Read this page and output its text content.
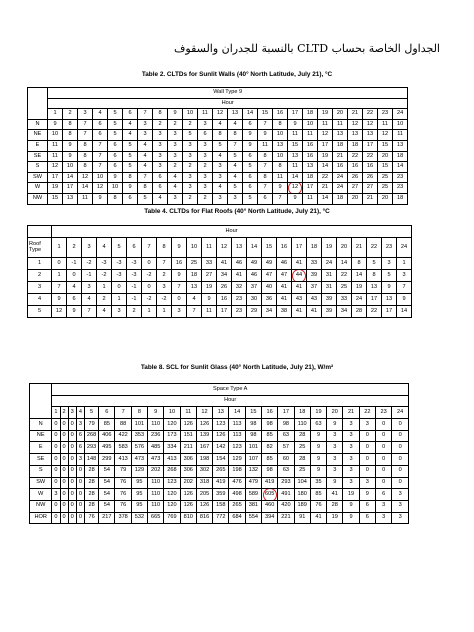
الجداول الخاصة بحساب CLTD بالنسبة للجدران والسقوف
Table 2. CLTDs for Sunlit Walls (40° North Latitude, July 21), °C
	Wall Type 9																							
	Hour																							
	1	2	3	4	5	6	7	8	9	10	11	12	13	14	15	16	17	18	19	20	21	22	23	24
N	9	8	7	6	5	4	3	2	2	2	3	4	4	6	7	8	9	10	11	11	12	12	11	10
NE	10	8	7	6	5	4	3	3	3	5	6	8	8	9	9	10	11	11	12	13	13	13	12	11
E	11	9	8	7	6	5	4	3	3	3	3	5	7	9	11	13	15	16	17	18	18	17	15	13
SE	11	9	8	7	6	5	4	3	3	3	3	4	5	6	8	10	13	16	19	21	22	22	20	18
S	12	10	8	7	6	5	4	3	2	2	2	3	4	5	7	8	11	13	14	16	16	16	15	14
SW	17	14	12	10	9	8	7	6	4	3	3	3	4	6	8	11	14	18	22	24	26	26	25	23
W	19	17	14	12	10	9	8	6	4	3	3	4	5	6	7	9	12	17	21	24	27	27	25	23
NW	15	13	11	9	8	6	5	4	3	2	2	3	3	5	6	7	9	11	14	18	20	21	20	18
Table 4. CLTDs for Flat Roofs (40° North Latitude, July 21), °C
	Hour																							
Roof Type	1	2	3	4	5	6	7	8	9	10	11	12	13	14	15	16	17	18	19	20	21	22	23	24
1	0	-1	-2	-3	-3	-3	0	7	16	25	33	41	46	49	49	46	41	33	24	14	8	5	3	1
2	1	0	-1	-2	-3	-3	-2	2	9	18	27	34	41	46	47	47	44	39	31	22	14	8	5	3
3	7	4	3	1	0	-1	0	3	7	13	19	26	32	37	40	41	41	37	31	25	19	13	9	7
4	9	6	4	2	1	-1	-2	-2	0	4	9	16	23	30	36	41	43	43	39	33	24	17	13	9
5	12	9	7	4	3	2	1	1	3	7	11	17	23	29	34	38	41	41	39	34	28	22	17	14
Table 8. SCL for Sunlit Glass (40° North Latitude, July 21), W/m²
	Space Type A																							
	Hour																							
	1	2	3	4	5	6	7	8	9	10	11	12	13	14	15	16	17	18	19	20	21	22	23	24
N	0	0	0	3	79	85	88	101	110	120	126	126	123	113	98	98	98	110	63	9	3	3	0	0
NE	0	0	0	6	268	406	422	353	236	173	151	139	126	113	98	85	63	28	9	3	3	0	0	0
E	0	0	0	6	293	495	583	576	485	334	211	167	142	123	101	82	57	25	9	3	3	0	0	0
SE	0	0	0	3	148	299	413	473	473	413	306	198	154	129	107	85	60	28	9	3	3	0	0	0
S	0	0	0	0	28	54	79	129	202	268	306	302	265	198	132	98	63	25	9	3	3	0	0	0
SW	0	0	0	0	28	54	76	95	110	123	202	318	419	476	479	419	293	104	35	9	3	3	0	0
W	3	0	0	0	28	54	76	95	110	120	126	205	359	498	589	605	491	180	85	41	19	9	6	3
NW	0	0	0	0	28	54	76	95	110	120	126	126	158	265	381	460	420	189	76	28	9	6	3	3
HOR	0	0	0	0	76	217	378	532	665	769	810	816	772	684	554	394	221	91	41	19	9	6	3	3
